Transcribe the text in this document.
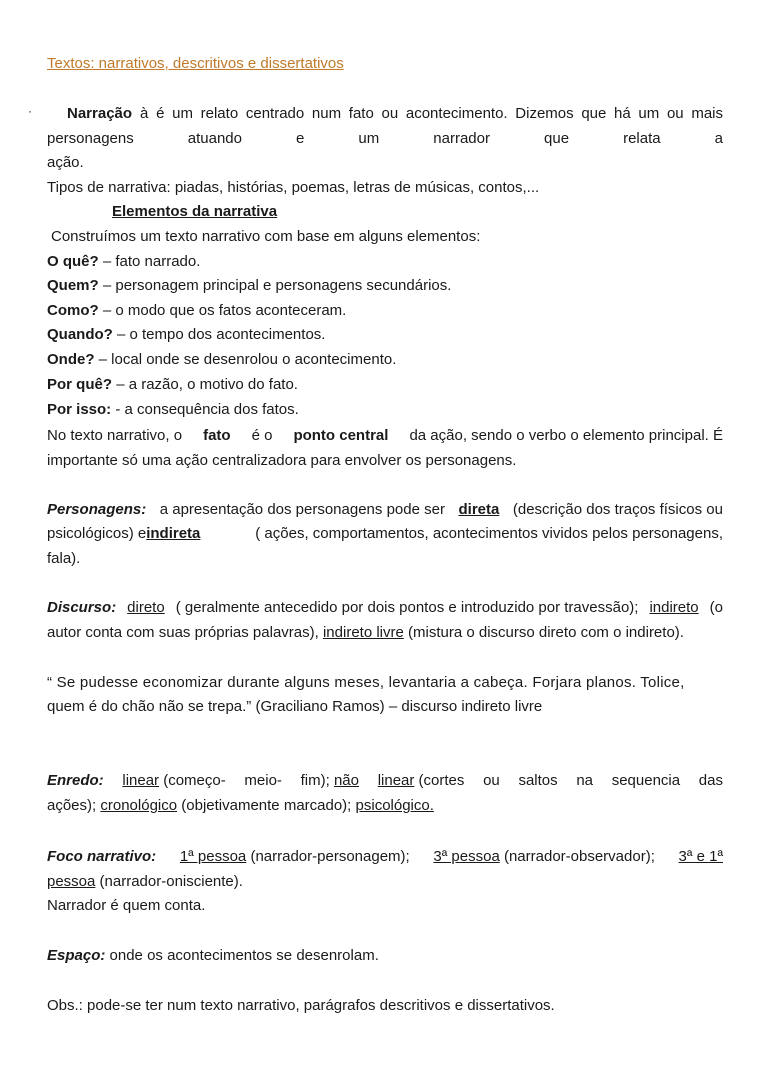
·
Textos: narrativos, descritivos e dissertativos
Narração à é um relato centrado num fato ou acontecimento. Dizemos que há um ou mais
personagens	atuando	e	um	narrador	que	relata	a
ação.
Tipos de narrativa: piadas, histórias, poemas, letras de músicas, contos,...
Elementos da narrativa
Construímos um texto narrativo com base em alguns elementos:
O quê? – fato narrado.
Quem? – personagem principal e personagens secundários.
Como? – o modo que os fatos aconteceram.
Quando? – o tempo dos acontecimentos.
Onde? – local onde se desenrolou o acontecimento.
Por quê? – a razão, o motivo do fato.
Por isso: - a consequência dos fatos.
No texto narrativo, o fato é o ponto central da ação, sendo o verbo o elemento principal. É
importante só uma ação centralizadora para envolver os personagens.
Personagens: a apresentação dos personagens pode ser direta (descrição dos traços físicos ou
psicológicos) eindireta	( ações, comportamentos, acontecimentos vividos pelos personagens,
fala).
Discurso: direto ( geralmente antecedido por dois pontos e introduzido por travessão); indireto (o
autor conta com suas próprias palavras), indireto livre (mistura o discurso direto com o indireto).
“ Se pudesse economizar durante alguns meses, levantaria a cabeça. Forjara planos. Tolice,
quem é do chão não se trepa.” (Graciliano Ramos) – discurso indireto livre
Enredo: linear (começo- meio- fim); não linear (cortes ou saltos na sequencia das
ações); cronológico (objetivamente marcado); psicológico.
Foco narrativo: 1ª pessoa (narrador-personagem); 3ª pessoa (narrador-observador); 3ª e 1ª
pessoa (narrador-onisciente).
Narrador é quem conta.
Espaço: onde os acontecimentos se desenrolam.
Obs.: pode-se ter num texto narrativo, parágrafos descritivos e dissertativos.
